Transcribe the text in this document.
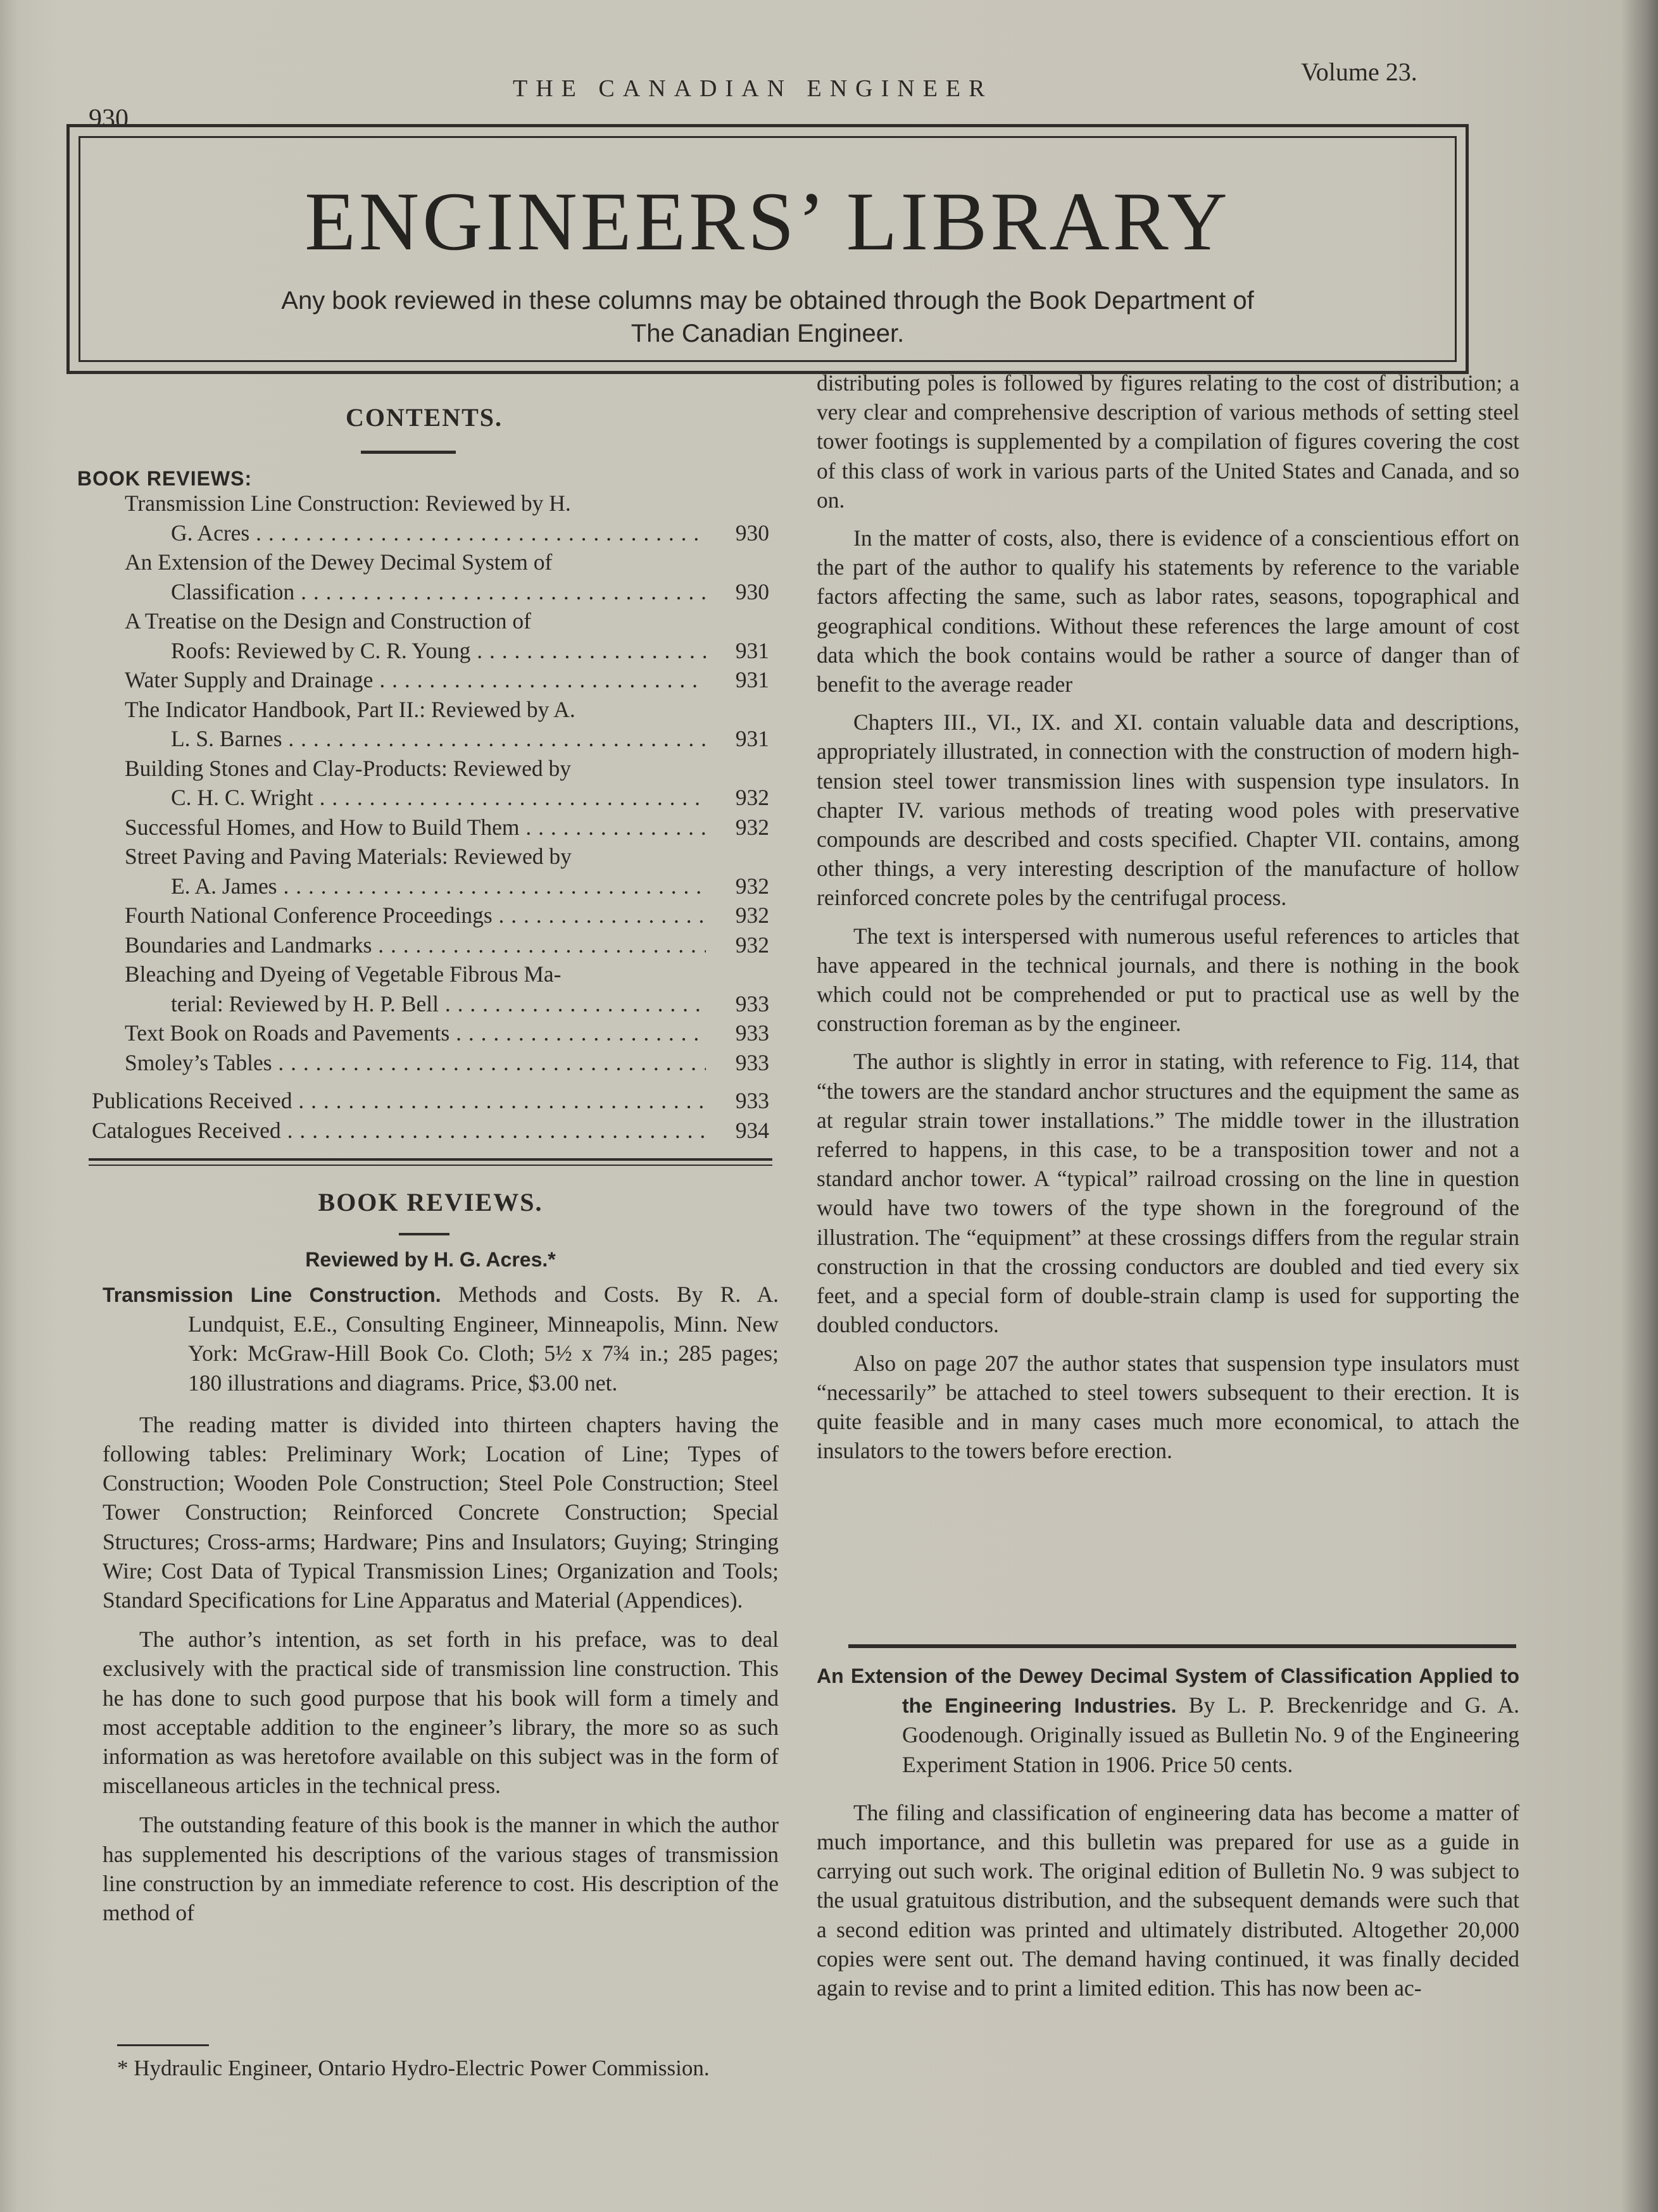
930
THE CANADIAN ENGINEER
Volume 23.
ENGINEERS’ LIBRARY
Any book reviewed in these columns may be obtained through the Book Department of
The Canadian Engineer.
CONTENTS.
BOOK REVIEWS:
Transmission Line Construction: Reviewed by H.
G. Acres . . .	930
An Extension of the Dewey Decimal System of
Classification . . .	930
A Treatise on the Design and Construction of
Roofs: Reviewed by C. R. Young . . .	931
Water Supply and Drainage . . .	931
The Indicator Handbook, Part II.: Reviewed by A.
L. S. Barnes . . .	931
Building Stones and Clay-Products: Reviewed by
C. H. C. Wright . . .	932
Successful Homes, and How to Build Them . . .	932
Street Paving and Paving Materials: Reviewed by
E. A. James . . .	932
Fourth National Conference Proceedings . . .	932
Boundaries and Landmarks . . .	932
Bleaching and Dyeing of Vegetable Fibrous Ma-
terial: Reviewed by H. P. Bell . . .	933
Text Book on Roads and Pavements . . .	933
Smoley’s Tables . . .	933
Publications Received . . .	933
Catalogues Received . . .	934
BOOK REVIEWS.
Reviewed by H. G. Acres.*

Transmission Line Construction. Methods and Costs. By R. A. Lundquist, E.E., Consulting Engineer, Minneapolis, Minn. New York: McGraw-Hill Book Co. Cloth; 5½ x 7¾ in.; 285 pages; 180 illustrations and diagrams. Price, $3.00 net.

The reading matter is divided into thirteen chapters having the following tables: Preliminary Work; Location of Line; Types of Construction; Wooden Pole Construction; Steel Pole Construction; Steel Tower Construction; Reinforced Concrete Construction; Special Structures; Cross-arms; Hardware; Pins and Insulators; Guying; Stringing Wire; Cost Data of Typical Transmission Lines; Organization and Tools; Standard Specifications for Line Apparatus and Material (Appendices).

The author’s intention, as set forth in his preface, was to deal exclusively with the practical side of transmission line construction. This he has done to such good purpose that his book will form a timely and most acceptable addition to the engineer’s library, the more so as such information as was heretofore available on this subject was in the form of miscellaneous articles in the technical press.

The outstanding feature of this book is the manner in which the author has supplemented his descriptions of the various stages of transmission line construction by an immediate reference to cost. His description of the method of

* Hydraulic Engineer, Ontario Hydro-Electric Power Commission.

distributing poles is followed by figures relating to the cost of distribution; a very clear and comprehensive description of various methods of setting steel tower footings is supplemented by a compilation of figures covering the cost of this class of work in various parts of the United States and Canada, and so on.

In the matter of costs, also, there is evidence of a conscientious effort on the part of the author to qualify his statements by reference to the variable factors affecting the same, such as labor rates, seasons, topographical and geographical conditions. Without these references the large amount of cost data which the book contains would be rather a source of danger than of benefit to the average reader

Chapters III., VI., IX. and XI. contain valuable data and descriptions, appropriately illustrated, in connection with the construction of modern high-tension steel tower transmission lines with suspension type insulators. In chapter IV. various methods of treating wood poles with preservative compounds are described and costs specified. Chapter VII. contains, among other things, a very interesting description of the manufacture of hollow reinforced concrete poles by the centrifugal process.

The text is interspersed with numerous useful references to articles that have appeared in the technical journals, and there is nothing in the book which could not be comprehended or put to practical use as well by the construction foreman as by the engineer.

The author is slightly in error in stating, with reference to Fig. 114, that “the towers are the standard anchor structures and the equipment the same as at regular strain tower installations.” The middle tower in the illustration referred to happens, in this case, to be a transposition tower and not a standard anchor tower. A “typical” railroad crossing on the line in question would have two towers of the type shown in the foreground of the illustration. The “equipment” at these crossings differs from the regular strain construction in that the crossing conductors are doubled and tied every six feet, and a special form of double-strain clamp is used for supporting the doubled conductors.

Also on page 207 the author states that suspension type insulators must “necessarily” be attached to steel towers subsequent to their erection. It is quite feasible and in many cases much more economical, to attach the insulators to the towers before erection.

An Extension of the Dewey Decimal System of Classification Applied to the Engineering Industries. By L. P. Breckenridge and G. A. Goodenough. Originally issued as Bulletin No. 9 of the Engineering Experiment Station in 1906. Price 50 cents.

The filing and classification of engineering data has become a matter of much importance, and this bulletin was prepared for use as a guide in carrying out such work. The original edition of Bulletin No. 9 was subject to the usual gratuitous distribution, and the subsequent demands were such that a second edition was printed and ultimately distributed. Altogether 20,000 copies were sent out. The demand having continued, it was finally decided again to revise and to print a limited edition. This has now been ac-
